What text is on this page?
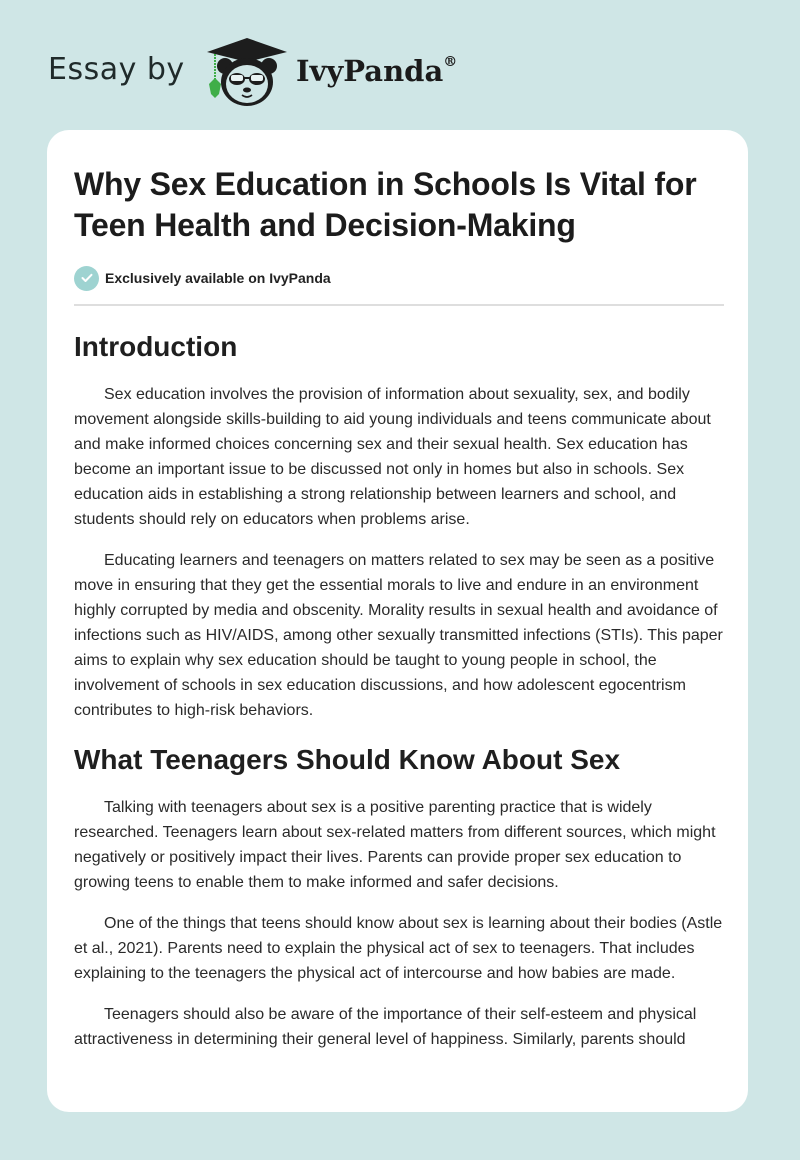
Essay by	IvyPanda®
Why Sex Education in Schools Is Vital for Teen Health and Decision-Making
Exclusively available on IvyPanda
Introduction

Sex education involves the provision of information about sexuality, sex, and bodily movement alongside skills-building to aid young individuals and teens communicate about and make informed choices concerning sex and their sexual health. Sex education has become an important issue to be discussed not only in homes but also in schools. Sex education aids in establishing a strong relationship between learners and school, and students should rely on educators when problems arise.

Educating learners and teenagers on matters related to sex may be seen as a positive move in ensuring that they get the essential morals to live and endure in an environment highly corrupted by media and obscenity. Morality results in sexual health and avoidance of infections such as HIV/AIDS, among other sexually transmitted infections (STIs). This paper aims to explain why sex education should be taught to young people in school, the involvement of schools in sex education discussions, and how adolescent egocentrism contributes to high-risk behaviors.

What Teenagers Should Know About Sex

Talking with teenagers about sex is a positive parenting practice that is widely researched. Teenagers learn about sex-related matters from different sources, which might negatively or positively impact their lives. Parents can provide proper sex education to growing teens to enable them to make informed and safer decisions.

One of the things that teens should know about sex is learning about their bodies (Astle et al., 2021). Parents need to explain the physical act of sex to teenagers. That includes explaining to the teenagers the physical act of intercourse and how babies are made.

Teenagers should also be aware of the importance of their self-esteem and physical attractiveness in determining their general level of happiness. Similarly, parents should
